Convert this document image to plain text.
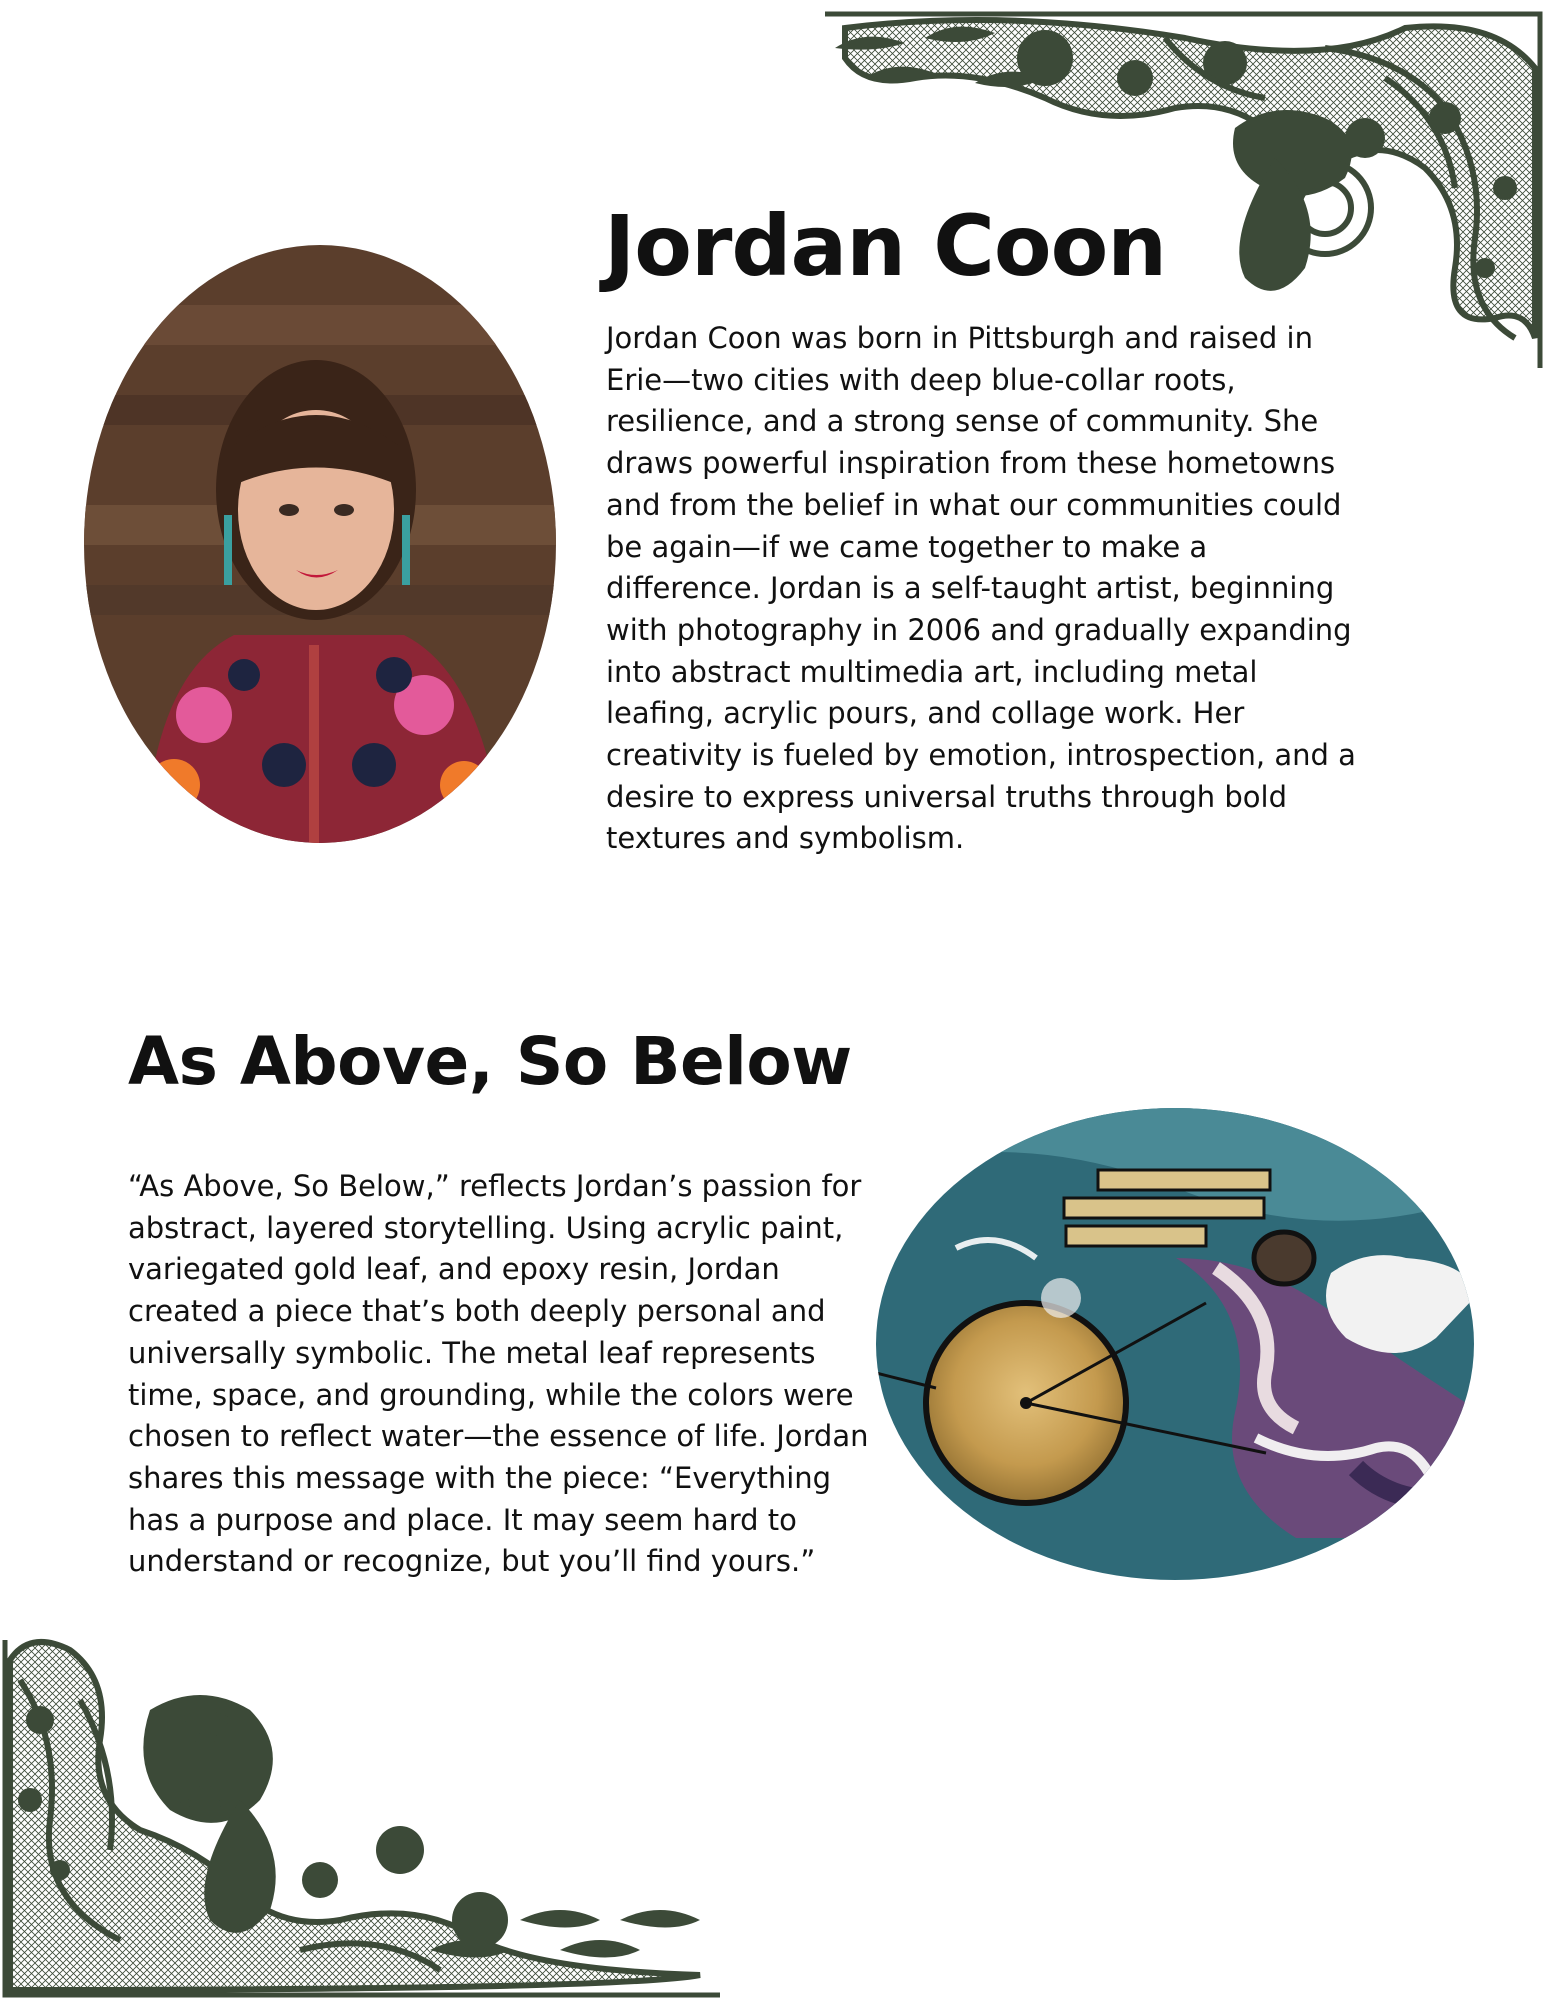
Jordan Coon

Jordan Coon was born in Pittsburgh and raised in Erie—two cities with deep blue-collar roots, resilience, and a strong sense of community. She draws powerful inspiration from these hometowns and from the belief in what our communities could be again—if we came together to make a difference. Jordan is a self-taught artist, beginning with photography in 2006 and gradually expanding into abstract multimedia art, including metal leafing, acrylic pours, and collage work. Her creativity is fueled by emotion, introspection, and a desire to express universal truths through bold textures and symbolism.

As Above, So Below

“As Above, So Below,” reflects Jordan’s passion for abstract, layered storytelling. Using acrylic paint, variegated gold leaf, and epoxy resin, Jordan created a piece that’s both deeply personal and universally symbolic. The metal leaf represents time, space, and grounding, while the colors were chosen to reflect water—the essence of life. Jordan shares this message with the piece: “Everything has a purpose and place. It may seem hard to understand or recognize, but you’ll find yours.”
